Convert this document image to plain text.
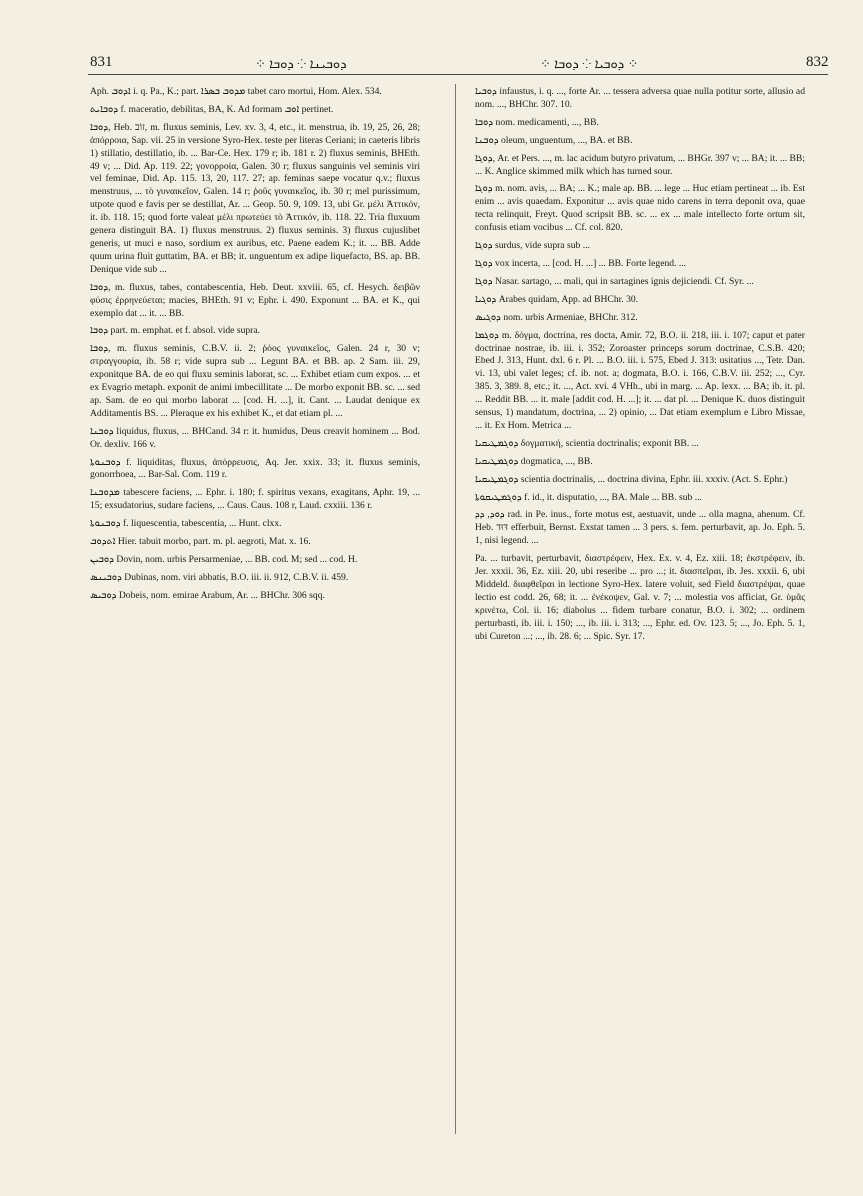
831	⁘ ܕܘܒܝܢܐ ⁘ ܕܘܒܐ	⁘ ܕܘܒܝܐ ⁘ ܕܘܒܐ ⁘	832

Aph. ܐܕܘܒ i. q. Pa., K.; part. ܡܕܘܒ ܒܣܪܐ tabet caro mortui, Hom. Alex. 534.

ܕܘܒܐܝܬ f. maceratio, debilitas, BA, K. Ad formam ܐܘܒ pertinet.

ܕܘܒܐ, Heb. זוֹב, m. fluxus seminis, Lev. xv. 3, 4, etc., it. menstrua, ib. 19, 25, 26, 28; ἀπόρροια, Sap. vii. 25 in versione Syro-Hex. teste per literas Ceriani; in caeteris libris 1) stillatio, destillatio, ib. ... Bar-Ce. Hex. 179 r; ib. 181 r. 2) fluxus seminis, BHEth. 49 v; ... Did. Ap. 119. 22; γονορροία, Galen. 30 r; fluxus sanguinis vel seminis viri vel feminae, Did. Ap. 115. 13, 20, 117. 27; ap. feminas saepe vocatur q.v.; fluxus menstruus, ... τὸ γυναικεῖον, Galen. 14 r; ῥοῦς γυναικεῖος, ib. 30 r; mel purissimum, utpote quod e favis per se destillat, Ar. ... Geop. 50. 9, 109. 13, ubi Gr. μέλι Ἀττικόν, it. ib. 118. 15; quod forte valeat μέλι πρωτεύει τὸ Ἀττικόν, ib. 118. 22. Tria fluxuum genera distinguit BA. 1) fluxus menstruus. 2) fluxus seminis. 3) fluxus cujuslibet generis, ut muci e naso, sordium ex auribus, etc. Paene eadem K.; it. ... BB. Adde quum urina fluit guttatim, BA. et BB; it. unguentum ex adipe liquefacto, BS. ap. BB. Denique vide sub ...

ܕܘܒܐ, m. fluxus, tabes, contabescentia, Heb. Deut. xxviii. 65, cf. Hesych. δειβῶν φύσις ἐρρηνεύεται; macies, BHEth. 91 v; Ephr. i. 490. Exponunt ... BA. et K., qui exemplo dat ... it. ... BB.

ܕܘܒܐ part. m. emphat. et f. absol. vide supra.

ܕܘܒܐ, m. fluxus seminis, C.B.V. ii. 2; ῥόος γυναικεῖος, Galen. 24 r, 30 v; στραγγουρία, ib. 58 r; vide supra sub ... Legunt BA. et BB. ap. 2 Sam. iii. 29, exponitque BA. de eo qui fluxu seminis laborat, sc. ... Exhibet etiam cum expos. ... et ex Evagrio metaph. exponit de animi imbecillitate ... De morbo exponit BB. sc. ... sed ap. Sam. de eo qui morbo laborat ... [cod. H. ...], it. Cant. ... Laudat denique ex Additamentis BS. ... Pleraque ex his exhibet K., et dat etiam pl. ...

ܕܘܒܢܐ liquidus, fluxus, ... BHCand. 34 r: it. humidus, Deus creavit hominem ... Bod. Or. dexliv. 166 v.

ܕܘܒܢܘܬܐ f. liquiditas, fluxus, ἀπόρρευσις, Aq. Jer. xxix. 33; it. fluxus seminis, gonorrhoea, ... Bar-Sal. Com. 119 r.

ܡܕܘܒܢܐ tabescere faciens, ... Ephr. i. 180; f. spiritus vexans, exagitans, Aphr. 19, ... 15; exsudatorius, sudare faciens, ... Caus. Caus. 108 r, Laud. cxxiii. 136 r.

ܕܘܒܢܘܬܐ f. liquescentia, tabescentia, ... Hunt. clxx.

ܐܬܕܘܒ Hier. tabuit morbo, part. m. pl. aegroti, Mat. x. 16.

ܕܘܒܝܢ Dovin, nom. urbis Persarmeniae, ... BB. cod. M; sed ... cod. H.

ܕܘܒܝܢܣ Dubinas, nom. viri abbatis, B.O. iii. ii. 912, C.B.V. ii. 459.

ܕܘܒܝܣ Dobeis, nom. emirae Arabum, Ar. ... BHChr. 306 sqq.

ܕܘܒܝܐ infaustus, i. q. ..., forte Ar. ... tessera adversa quae nulla potitur sorte, allusio ad nom. ..., BHChr. 307. 10.

ܕܘܒܐ nom. medicamenti, ..., BB.

ܕܘܒܢܐ oleum, unguentum, ..., BA. et BB.

ܕܘܓܐ, Ar. et Pers. ..., m. lac acidum butyro privatum, ... BHGr. 397 v; ... BA; it. ... BB; ... K. Anglice skimmed milk which has turned sour.

ܕܘܓܐ m. nom. avis, ... BA; ... K.; male ap. BB. ... lege ... Huc etiam pertineat ... ib. Est enim ... avis quaedam. Exponitur ... avis quae nido carens in terra deponit ova, quae tecta relinquit, Freyt. Quod scripsit BB. sc. ... ex ... male intellecto forte ortum sit, confusis etiam vocibus ... Cf. col. 820.

ܕܘܓܐ surdus, vide supra sub ...

ܕܘܓܐ vox incerta, ... [cod. H. ...] ... BB. Forte legend. ...

ܕܘܓܐ Nasar. sartago, ... mali, qui in sartagines ignis dejiciendi. Cf. Syr. ...

ܕܘܓܝܐ Arabes quidam, App. ad BHChr. 30.

ܕܘܓܝܣ nom. urbis Armeniae, BHChr. 312.

ܕܘܓܡܐ m. δόγμα, doctrina, res docta, Amir. 72, B.O. ii. 218, iii. i. 107; caput et pater doctrinae nostrae, ib. iii. i. 352; Zoroaster princeps sorum doctrinae, C.S.B. 420; Ebed J. 313, Hunt. dxl. 6 r. Pl. ... B.O. iii. i. 575, Ebed J. 313: usitatius ..., Tetr. Dan. vi. 13, ubi valet leges; cf. ib. not. a; dogmata, B.O. i. 166, C.B.V. iii. 252; ..., Cyr. 385. 3, 389. 8, etc.; it. ..., Act. xvi. 4 VHh., ubi in marg. ... Ap. lexx. ... BA; ib. it. pl. ... Reddit BB. ... it. male [addit cod. H. ...]; it. ... dat pl. ... Denique K. duos distinguit sensus, 1) mandatum, doctrina, ... 2) opinio, ... Dat etiam exemplum e Libro Missae, ... it. Ex Hom. Metrica ...

ܕܘܓܡܛܝܩܝܐ δογματική, scientia doctrinalis; exponit BB. ...

ܕܘܓܡܛܝܩܝܐ dogmatica, ..., BB.

ܕܘܓܡܛܝܩܝܐ scientia doctrinalis, ... doctrina divina, Ephr. iii. xxxiv. (Act. S. Ephr.)

ܕܘܓܡܛܝܩܘܬܐ f. id., it. disputatio, ..., BA. Male ... BB. sub ...

ܕܘܕ, ܕܕ rad. in Pe. inus., forte motus est, aestuavit, unde ... olla magna, ahenum. Cf. Heb. דּוּד efferbuit, Bernst. Exstat tamen ... 3 pers. s. fem. perturbavit, ap. Jo. Eph. 5. 1, nisi legend. ...

Pa. ... turbavit, perturbavit, διαστρέφειν, Hex. Ex. v. 4, Ez. xiii. 18; ἐκστρέφειν, ib. Jer. xxxii. 36, Ez. xiii. 20, ubi reseribe ... pro ...; it. διασπεῖραι, ib. Jes. xxxii. 6, ubi Middeld. διαφθεῖραι in lectione Syro-Hex. latere voluit, sed Field διαστρέψαι, quae lectio est codd. 26, 68; it. ... ἐνέκοψεν, Gal. v. 7; ... molestia vos afficiat, Gr. ὑμᾶς κρινέτω, Col. ii. 16; diabolus ... fidem turbare conatur, B.O. i. 302; ... ordinem perturbasti, ib. iii. i. 150; ..., ib. iii. i. 313; ..., Ephr. ed. Ov. 123. 5; ..., Jo. Eph. 5. 1, ubi Cureton ...; ..., ib. 28. 6; ... Spic. Syr. 17.
